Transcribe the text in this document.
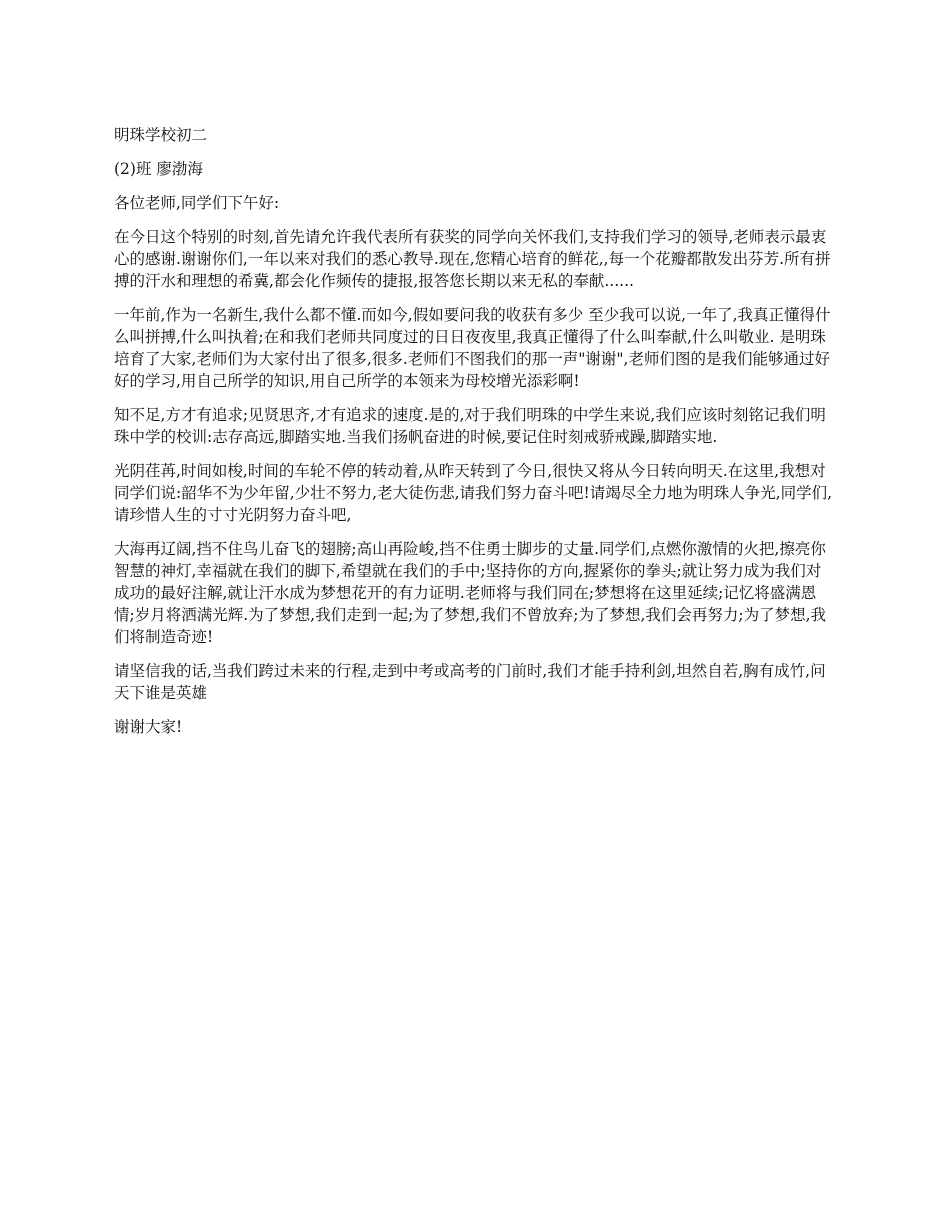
明珠学校初二

(2)班 廖渤海

各位老师,同学们下午好:

在今日这个特别的时刻,首先请允许我代表所有获奖的同学向关怀我们,支持我们学习的领导,老师表示最衷心的感谢.谢谢你们,一年以来对我们的悉心教导.现在,您精心培育的鲜花,,每一个花瓣都散发出芬芳.所有拼搏的汗水和理想的希冀,都会化作频传的捷报,报答您长期以来无私的奉献......

一年前,作为一名新生,我什么都不懂.而如今,假如要问我的收获有多少 至少我可以说,一年了,我真正懂得什么叫拼搏,什么叫执着;在和我们老师共同度过的日日夜夜里,我真正懂得了什么叫奉献,什么叫敬业. 是明珠培育了大家,老师们为大家付出了很多,很多.老师们不图我们的那一声"谢谢",老师们图的是我们能够通过好好的学习,用自己所学的知识,用自己所学的本领来为母校增光添彩啊!

知不足,方才有追求;见贤思齐,才有追求的速度.是的,对于我们明珠的中学生来说,我们应该时刻铭记我们明珠中学的校训:志存高远,脚踏实地.当我们扬帆奋进的时候,要记住时刻戒骄戒躁,脚踏实地.

光阴荏苒,时间如梭,时间的车轮不停的转动着,从昨天转到了今日,很快又将从今日转向明天.在这里,我想对同学们说:韶华不为少年留,少壮不努力,老大徒伤悲,请我们努力奋斗吧!请竭尽全力地为明珠人争光,同学们,请珍惜人生的寸寸光阴努力奋斗吧,

大海再辽阔,挡不住鸟儿奋飞的翅膀;高山再险峻,挡不住勇士脚步的丈量.同学们,点燃你激情的火把,擦亮你智慧的神灯,幸福就在我们的脚下,希望就在我们的手中;坚持你的方向,握紧你的拳头;就让努力成为我们对成功的最好注解,就让汗水成为梦想花开的有力证明.老师将与我们同在;梦想将在这里延续;记忆将盛满恩情;岁月将洒满光辉.为了梦想,我们走到一起;为了梦想,我们不曾放弃;为了梦想,我们会再努力;为了梦想,我们将制造奇迹!

请坚信我的话,当我们跨过未来的行程,走到中考或高考的门前时,我们才能手持利剑,坦然自若,胸有成竹,问天下谁是英雄

谢谢大家!
